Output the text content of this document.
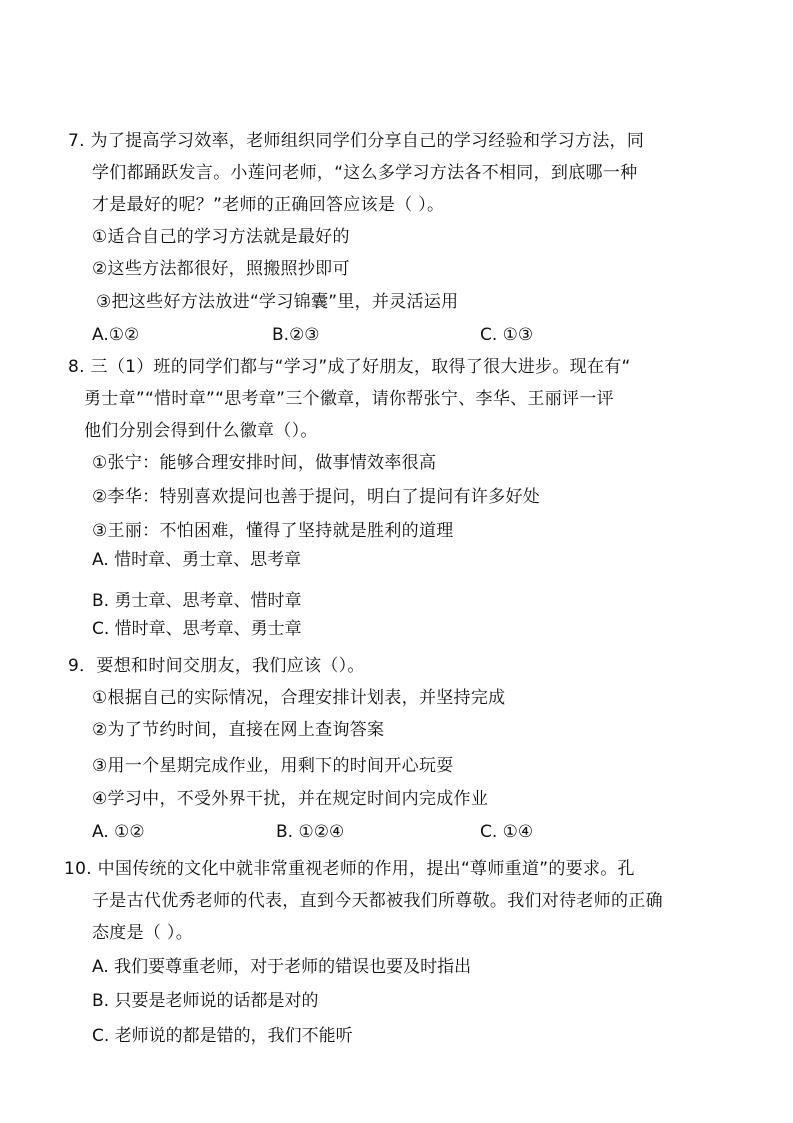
7. 为了提高学习效率，老师组织同学们分享自己的学习经验和学习方法，同
学们都踊跃发言。小莲问老师，“这么多学习方法各不相同，到底哪一种
才是最好的呢？”老师的正确回答应该是（ ）。
①适合自己的学习方法就是最好的
②这些方法都很好，照搬照抄即可
③把这些好方法放进“学习锦囊”里，并灵活运用
A.①②	B.②③	C. ①③
8. 三（1）班的同学们都与“学习”成了好朋友，取得了很大进步。现在有“
勇士章”“惜时章”“思考章”三个徽章，请你帮张宁、李华、王丽评一评
他们分别会得到什么徽章（）。
①张宁：能够合理安排时间，做事情效率很高
②李华：特别喜欢提问也善于提问，明白了提问有许多好处
③王丽：不怕困难，懂得了坚持就是胜利的道理
A. 惜时章、勇士章、思考章
B. 勇士章、思考章、惜时章
C. 惜时章、思考章、勇士章
9．要想和时间交朋友，我们应该（）。
①根据自己的实际情况，合理安排计划表，并坚持完成
②为了节约时间，直接在网上查询答案
③用一个星期完成作业，用剩下的时间开心玩耍
④学习中，不受外界干扰，并在规定时间内完成作业
A. ①②	B. ①②④	C. ①④
10. 中国传统的文化中就非常重视老师的作用，提出“尊师重道”的要求。孔
子是古代优秀老师的代表，直到今天都被我们所尊敬。我们对待老师的正确
态度是（ ）。
A. 我们要尊重老师，对于老师的错误也要及时指出
B. 只要是老师说的话都是对的
C. 老师说的都是错的，我们不能听
